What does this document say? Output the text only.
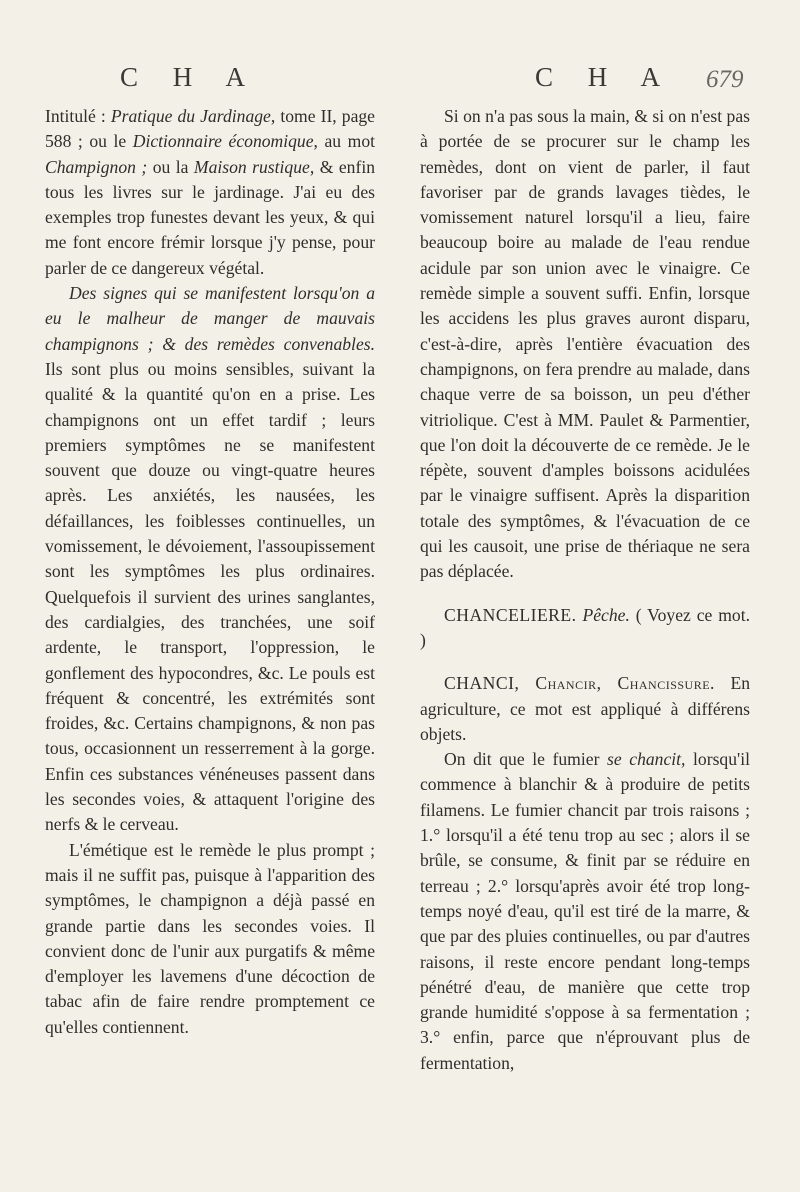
C H A	C H A 679

Intitulé : Pratique du Jardinage, tome II, page 588 ; ou le Dictionnaire économique, au mot Champignon ; ou la Maison rustique, & enfin tous les livres sur le jardinage. J'ai eu des exemples trop funestes devant les yeux, & qui me font encore frémir lorsque j'y pense, pour parler de ce dangereux végétal.

Des signes qui se manifestent lorsqu'on a eu le malheur de manger de mauvais champignons ; & des remèdes convenables. Ils sont plus ou moins sensibles, suivant la qualité & la quantité qu'on en a prise. Les champignons ont un effet tardif ; leurs premiers symptômes ne se manifestent souvent que douze ou vingt-quatre heures après. Les anxiétés, les nausées, les défaillances, les foiblesses continuelles, un vomissement, le dévoiement, l'assoupissement sont les symptômes les plus ordinaires. Quelquefois il survient des urines sanglantes, des cardialgies, des tranchées, une soif ardente, le transport, l'oppression, le gonflement des hypocondres, &c. Le pouls est fréquent & concentré, les extrémités sont froides, &c. Certains champignons, & non pas tous, occasionnent un resserrement à la gorge. Enfin ces substances vénéneuses passent dans les secondes voies, & attaquent l'origine des nerfs & le cerveau.

L'émétique est le remède le plus prompt ; mais il ne suffit pas, puisque à l'apparition des symptômes, le champignon a déjà passé en grande partie dans les secondes voies. Il convient donc de l'unir aux purgatifs & même d'employer les lavemens d'une décoction de tabac afin de faire rendre promptement ce qu'elles contiennent.

Si on n'a pas sous la main, & si on n'est pas à portée de se procurer sur le champ les remèdes, dont on vient de parler, il faut favoriser par de grands lavages tièdes, le vomissement naturel lorsqu'il a lieu, faire beaucoup boire au malade de l'eau rendue acidule par son union avec le vinaigre. Ce remède simple a souvent suffi. Enfin, lorsque les accidens les plus graves auront disparu, c'est-à-dire, après l'entière évacuation des champignons, on fera prendre au malade, dans chaque verre de sa boisson, un peu d'éther vitriolique. C'est à MM. Paulet & Parmentier, que l'on doit la découverte de ce remède. Je le répète, souvent d'amples boissons acidulées par le vinaigre suffisent. Après la disparition totale des symptômes, & l'évacuation de ce qui les causoit, une prise de thériaque ne sera pas déplacée.

CHANCELIERE. Pêche. ( Voyez ce mot. )

CHANCI, Chancir, Chancissure. En agriculture, ce mot est appliqué à différens objets.

On dit que le fumier se chancit, lorsqu'il commence à blanchir & à produire de petits filamens. Le fumier chancit par trois raisons ; 1.° lorsqu'il a été tenu trop au sec ; alors il se brûle, se consume, & finit par se réduire en terreau ; 2.° lorsqu'après avoir été trop long-temps noyé d'eau, qu'il est tiré de la marre, & que par des pluies continuelles, ou par d'autres raisons, il reste encore pendant long-temps pénétré d'eau, de manière que cette trop grande humidité s'oppose à sa fermentation ; 3.° enfin, parce que n'éprouvant plus de fermentation,
